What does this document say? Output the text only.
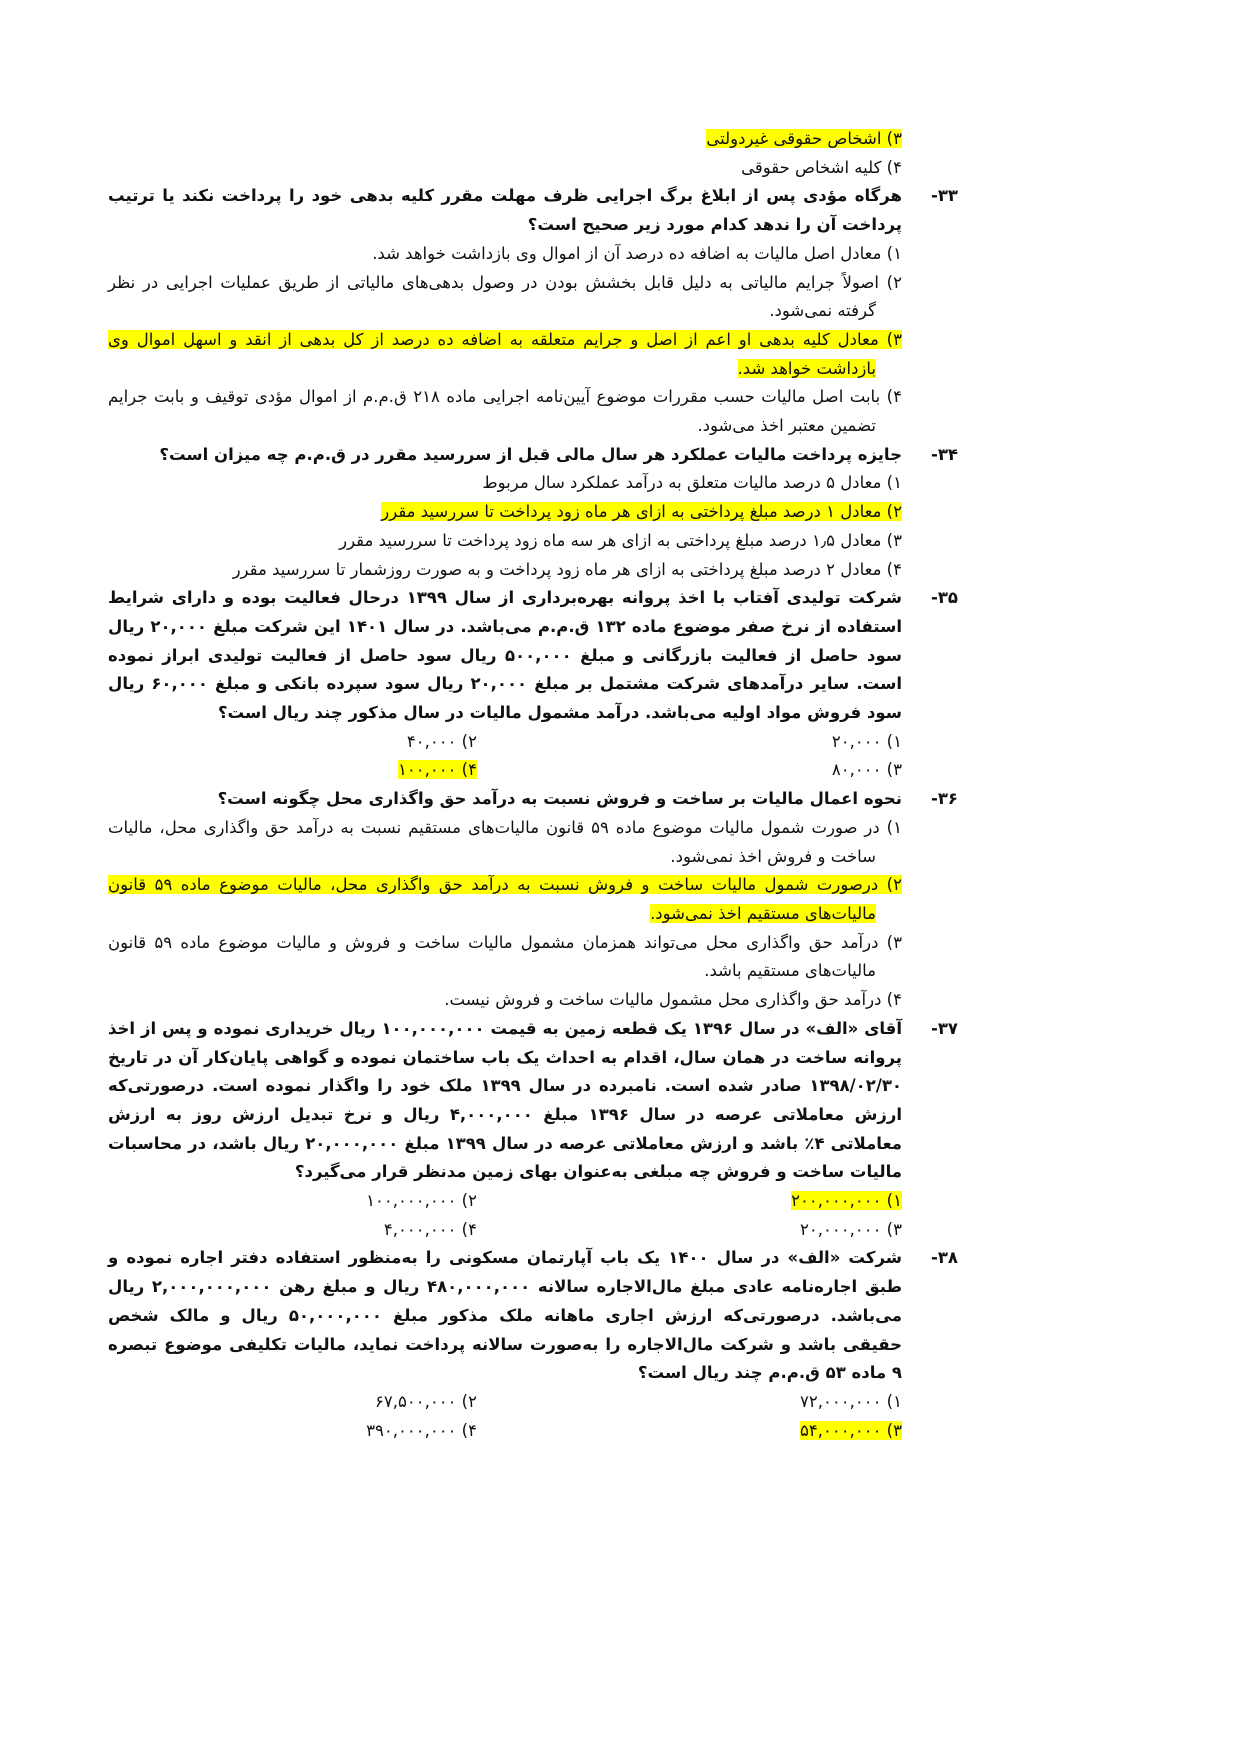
۳) اشخاص حقوقی غیردولتی
۴) کلیه اشخاص حقوقی
-۳۳
هرگاه مؤدی پس از ابلاغ برگ اجرایی ظرف مهلت مقرر کلیه بدهی خود را پرداخت نکند یا ترتیب پرداخت آن را ندهد کدام مورد زیر صحیح است؟
۱) معادل اصل مالیات به اضافه ده درصد آن از اموال وی بازداشت خواهد شد.
۲) اصولاً جرایم مالیاتی به دلیل قابل بخشش بودن در وصول بدهی‌های مالیاتی از طریق عملیات اجرایی در نظر گرفته نمی‌شود.
۳) معادل کلیه بدهی او اعم از اصل و جرایم متعلقه به اضافه ده درصد از کل بدهی از انقد و اسهل اموال وی بازداشت خواهد شد.
۴) بابت اصل مالیات حسب مقررات موضوع آیین‌نامه اجرایی ماده ۲۱۸ ق.م.م از اموال مؤدی توقیف و بابت جرایم تضمین معتبر اخذ می‌شود.
-۳۴
جایزه پرداخت مالیات عملکرد هر سال مالی قبل از سررسید مقرر در ق.م.م چه میزان است؟
۱) معادل ۵ درصد مالیات متعلق به درآمد عملکرد سال مربوط
۲) معادل ۱ درصد مبلغ پرداختی به ازای هر ماه زود پرداخت تا سررسید مقرر
۳) معادل ۱٫۵ درصد مبلغ پرداختی به ازای هر سه ماه زود پرداخت تا سررسید مقرر
۴) معادل ۲ درصد مبلغ پرداختی به ازای هر ماه زود پرداخت و به صورت روزشمار تا سررسید مقرر
-۳۵
شرکت تولیدی آفتاب با اخذ پروانه بهره‌برداری از سال ۱۳۹۹ درحال فعالیت بوده و دارای شرایط استفاده از نرخ صفر موضوع ماده ۱۳۲ ق.م.م می‌باشد. در سال ۱۴۰۱ این شرکت مبلغ ۲۰,۰۰۰ ریال سود حاصل از فعالیت بازرگانی و مبلغ ۵۰۰,۰۰۰ ریال سود حاصل از فعالیت تولیدی ابراز نموده است. سایر درآمدهای شرکت مشتمل بر مبلغ ۲۰,۰۰۰ ریال سود سپرده بانکی و مبلغ ۶۰,۰۰۰ ریال سود فروش مواد اولیه می‌باشد. درآمد مشمول مالیات در سال مذکور چند ریال است؟
۱) ۲۰,۰۰۰
۲) ۴۰,۰۰۰
۳) ۸۰,۰۰۰
۴) ۱۰۰,۰۰۰
-۳۶
نحوه اعمال مالیات بر ساخت و فروش نسبت به درآمد حق واگذاری محل چگونه است؟
۱) در صورت شمول مالیات موضوع ماده ۵۹ قانون مالیات‌های مستقیم نسبت به درآمد حق واگذاری محل، مالیات ساخت و فروش اخذ نمی‌شود.
۲) درصورت شمول مالیات ساخت و فروش نسبت به درآمد حق واگذاری محل، مالیات موضوع ماده ۵۹ قانون مالیات‌های مستقیم اخذ نمی‌شود.
۳) درآمد حق واگذاری محل می‌تواند همزمان مشمول مالیات ساخت و فروش و مالیات موضوع ماده ۵۹ قانون مالیات‌های مستقیم باشد.
۴) درآمد حق واگذاری محل مشمول مالیات ساخت و فروش نیست.
-۳۷
آقای «الف» در سال ۱۳۹۶ یک قطعه زمین به قیمت ۱۰۰,۰۰۰,۰۰۰ ریال خریداری نموده و پس از اخذ پروانه ساخت در همان سال، اقدام به احداث یک باب ساختمان نموده و گواهی پایان‌کار آن در تاریخ ۱۳۹۸/۰۲/۳۰ صادر شده است. نامبرده در سال ۱۳۹۹ ملک خود را واگذار نموده است. درصورتی‌که ارزش معاملاتی عرصه در سال ۱۳۹۶ مبلغ ۴,۰۰۰,۰۰۰ ریال و نرخ تبدیل ارزش روز به ارزش معاملاتی ۴٪ باشد و ارزش معاملاتی عرصه در سال ۱۳۹۹ مبلغ ۲۰,۰۰۰,۰۰۰ ریال باشد، در محاسبات مالیات ساخت و فروش چه مبلغی به‌عنوان بهای زمین مدنظر قرار می‌گیرد؟
۱) ۲۰۰,۰۰۰,۰۰۰
۲) ۱۰۰,۰۰۰,۰۰۰
۳) ۲۰,۰۰۰,۰۰۰
۴) ۴,۰۰۰,۰۰۰
-۳۸
شرکت «الف» در سال ۱۴۰۰ یک باب آپارتمان مسکونی را به‌منظور استفاده دفتر اجاره نموده و طبق اجاره‌نامه عادی مبلغ مال‌الاجاره سالانه ۴۸۰,۰۰۰,۰۰۰ ریال و مبلغ رهن ۲,۰۰۰,۰۰۰,۰۰۰ ریال می‌باشد. درصورتی‌که ارزش اجاری ماهانه ملک مذکور مبلغ ۵۰,۰۰۰,۰۰۰ ریال و مالک شخص حقیقی باشد و شرکت مال‌الاجاره را به‌صورت سالانه پرداخت نماید، مالیات تکلیفی موضوع تبصره ۹ ماده ۵۳ ق.م.م چند ریال است؟
۱) ۷۲,۰۰۰,۰۰۰
۲) ۶۷,۵۰۰,۰۰۰
۳) ۵۴,۰۰۰,۰۰۰
۴) ۳۹۰,۰۰۰,۰۰۰
